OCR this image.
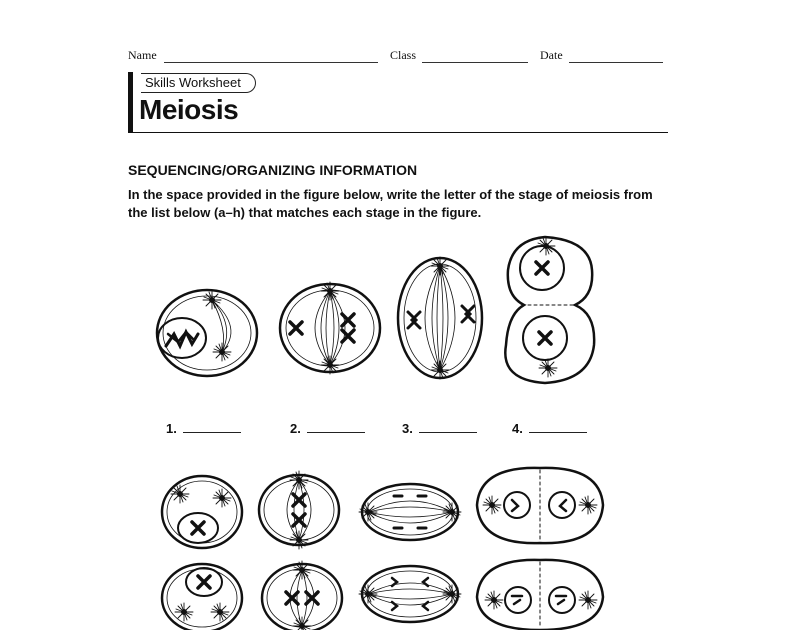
Name	Class	Date
Skills Worksheet
Meiosis
SEQUENCING/ORGANIZING INFORMATION
In the space provided in the figure below, write the letter of the stage of meiosis from the list below (a–h) that matches each stage in the figure.
1.	2.	3.	4.
